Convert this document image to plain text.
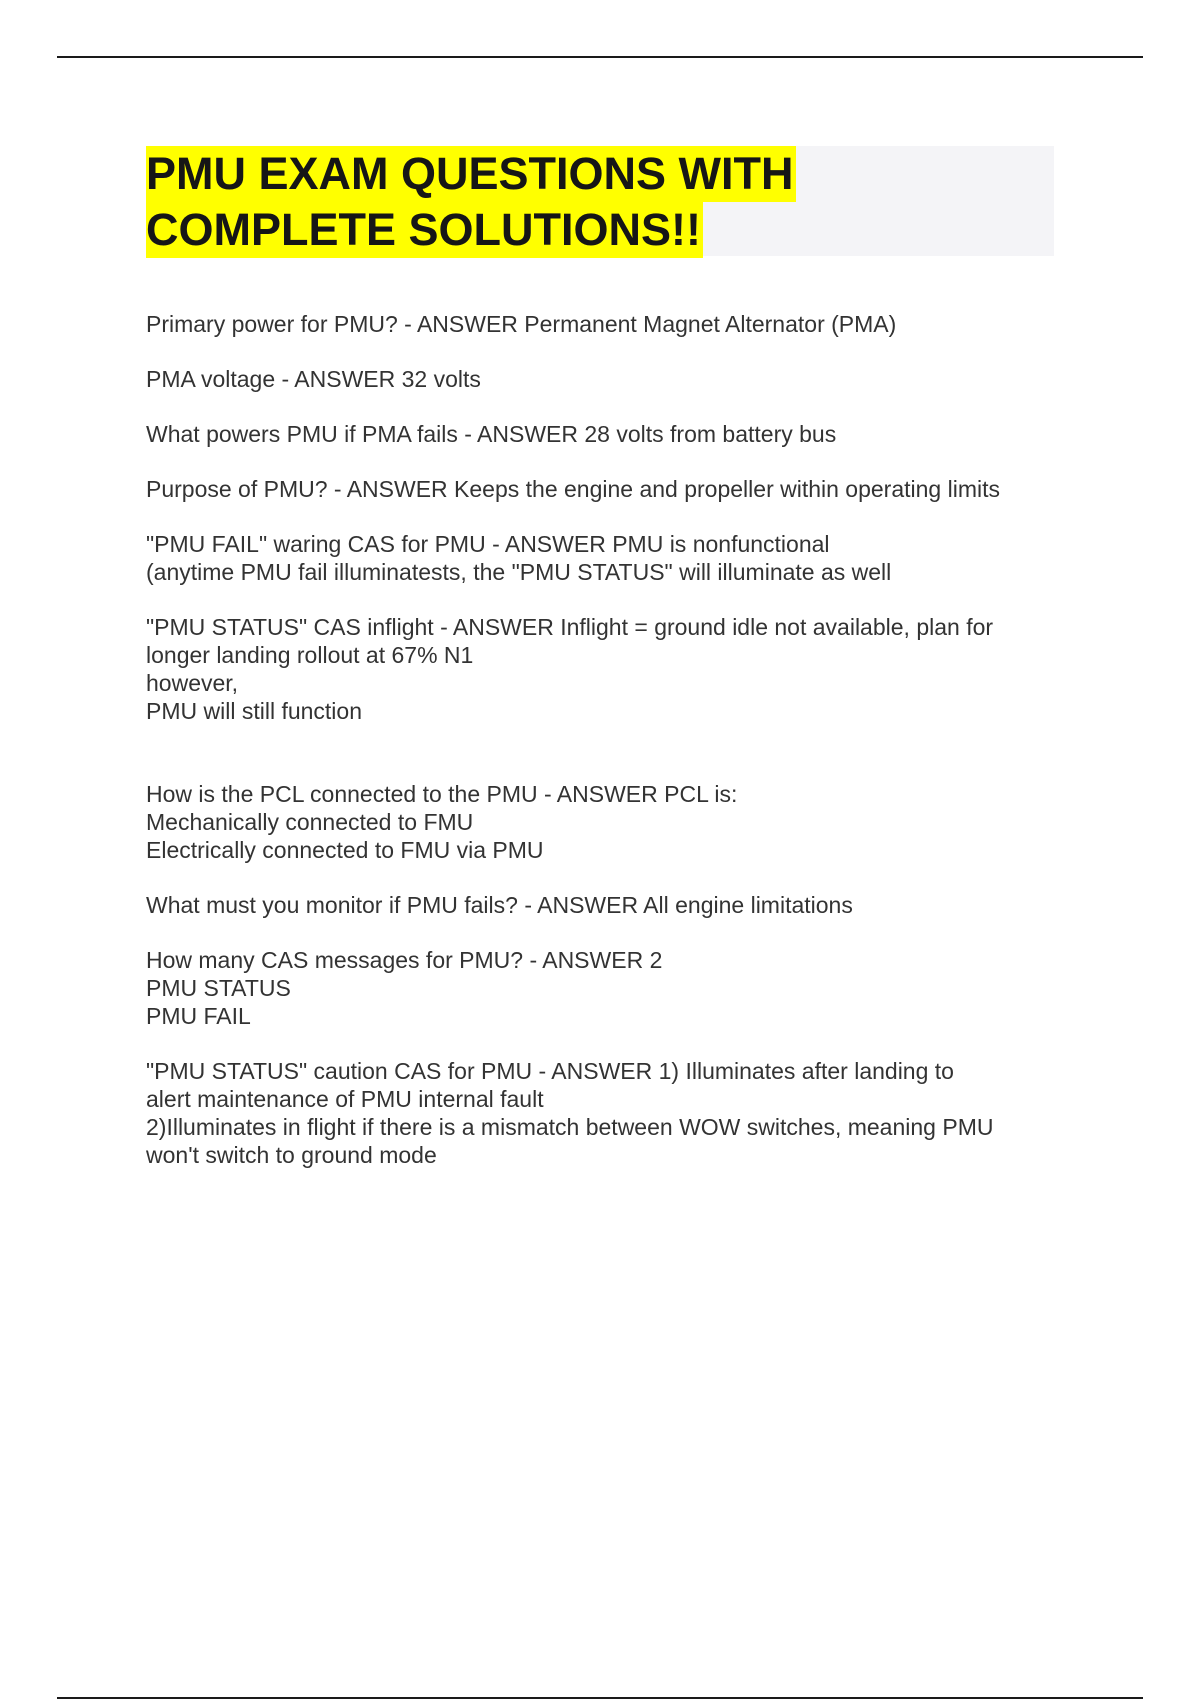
PMU EXAM QUESTIONS WITH
COMPLETE SOLUTIONS!!

Primary power for PMU? - ANSWER Permanent Magnet Alternator (PMA)

PMA voltage - ANSWER 32 volts

What powers PMU if PMA fails - ANSWER 28 volts from battery bus

Purpose of PMU? - ANSWER Keeps the engine and propeller within operating limits

"PMU FAIL" waring CAS for PMU - ANSWER PMU is nonfunctional
(anytime PMU fail illuminatests, the "PMU STATUS" will illuminate as well

"PMU STATUS" CAS inflight - ANSWER Inflight = ground idle not available, plan for
longer landing rollout at 67% N1
however,
PMU will still function

How is the PCL connected to the PMU - ANSWER PCL is:
Mechanically connected to FMU
Electrically connected to FMU via PMU

What must you monitor if PMU fails? - ANSWER All engine limitations

How many CAS messages for PMU? - ANSWER 2
PMU STATUS
PMU FAIL

"PMU STATUS" caution CAS for PMU - ANSWER 1) Illuminates after landing to
alert maintenance of PMU internal fault
2)Illuminates in flight if there is a mismatch between WOW switches, meaning PMU
won't switch to ground mode
